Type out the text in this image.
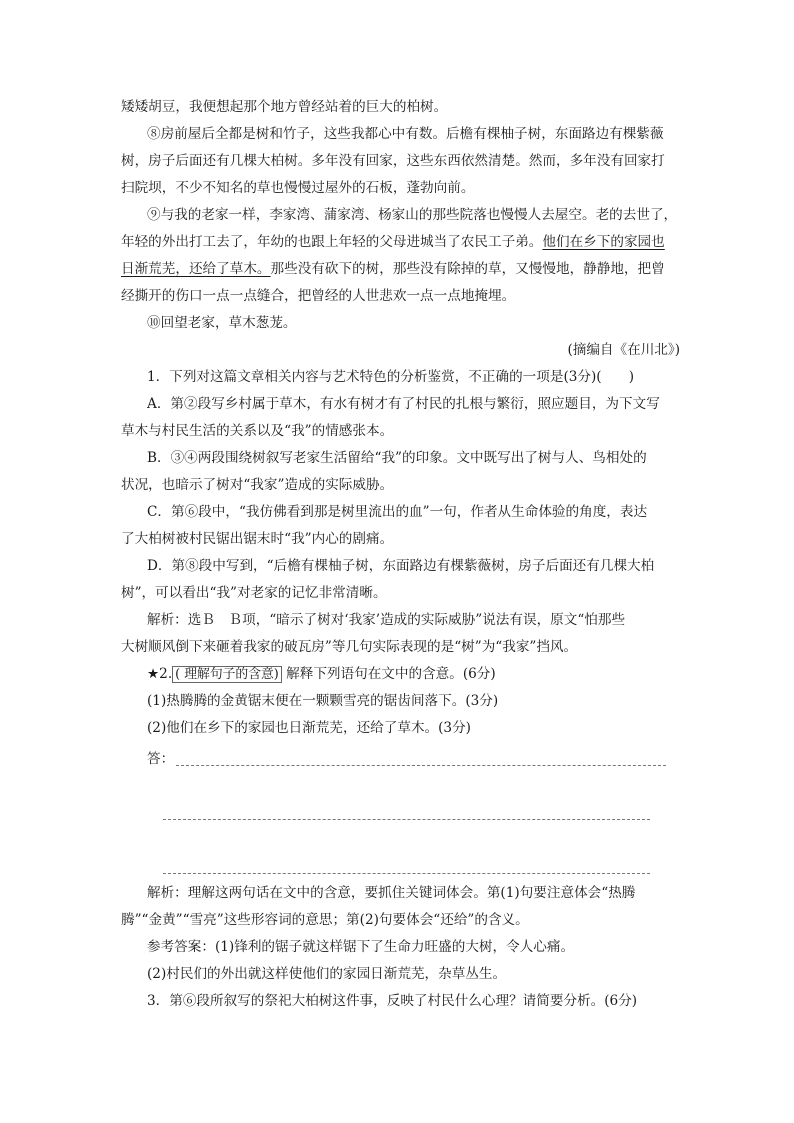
矮矮胡豆，我便想起那个地方曾经站着的巨大的柏树。
⑧房前屋后全都是树和竹子，这些我都心中有数。后檐有棵柚子树，东面路边有棵紫薇
树，房子后面还有几棵大柏树。多年没有回家，这些东西依然清楚。然而，多年没有回家打
扫院坝，不少不知名的草也慢慢过屋外的石板，蓬勃向前。
⑨与我的老家一样，李家湾、蒲家湾、杨家山的那些院落也慢慢人去屋空。老的去世了，
年轻的外出打工去了，年幼的也跟上年轻的父母进城当了农民工子弟。他们在乡下的家园也
日渐荒芜，还给了草木。那些没有砍下的树，那些没有除掉的草，又慢慢地，静静地，把曾
经撕开的伤口一点一点缝合，把曾经的人世悲欢一点一点地掩埋。
⑩回望老家，草木葱茏。
(摘编自《在川北》)
1．下列对这篇文章相关内容与艺术特色的分析鉴赏，不正确的一项是(3分)(　　)
A．第②段写乡村属于草木，有水有树才有了村民的扎根与繁衍，照应题目，为下文写
草木与村民生活的关系以及“我”的情感张本。
B．③④两段围绕树叙写老家生活留给“我”的印象。文中既写出了树与人、鸟相处的
状况，也暗示了树对“我家”造成的实际威胁。
C．第⑥段中，“我仿佛看到那是树里流出的血”一句，作者从生命体验的角度，表达
了大柏树被村民锯出锯末时“我”内心的剧痛。
D．第⑧段中写到，“后檐有棵柚子树，东面路边有棵紫薇树，房子后面还有几棵大柏
树”，可以看出“我”对老家的记忆非常清晰。
解析：选Ｂ　Ｂ项，“暗示了树对‘我家’造成的实际威胁”说法有误，原文“怕那些
大树顺风倒下来砸着我家的破瓦房”等几句实际表现的是“树”为“我家”挡风。
★2. ( 理解句子的含意) 解释下列语句在文中的含意。(6分)
(1)热腾腾的金黄锯末便在一颗颗雪亮的锯齿间落下。(3分)
(2)他们在乡下的家园也日渐荒芜，还给了草木。(3分)
答：
解析：理解这两句话在文中的含意，要抓住关键词体会。第(1)句要注意体会“热腾
腾”“金黄”“雪亮”这些形容词的意思；第(2)句要体会“还给”的含义。
参考答案：(1)锋利的锯子就这样锯下了生命力旺盛的大树，令人心痛。
(2)村民们的外出就这样使他们的家园日渐荒芜，杂草丛生。
3．第⑥段所叙写的祭祀大柏树这件事，反映了村民什么心理？请简要分析。(6分)
